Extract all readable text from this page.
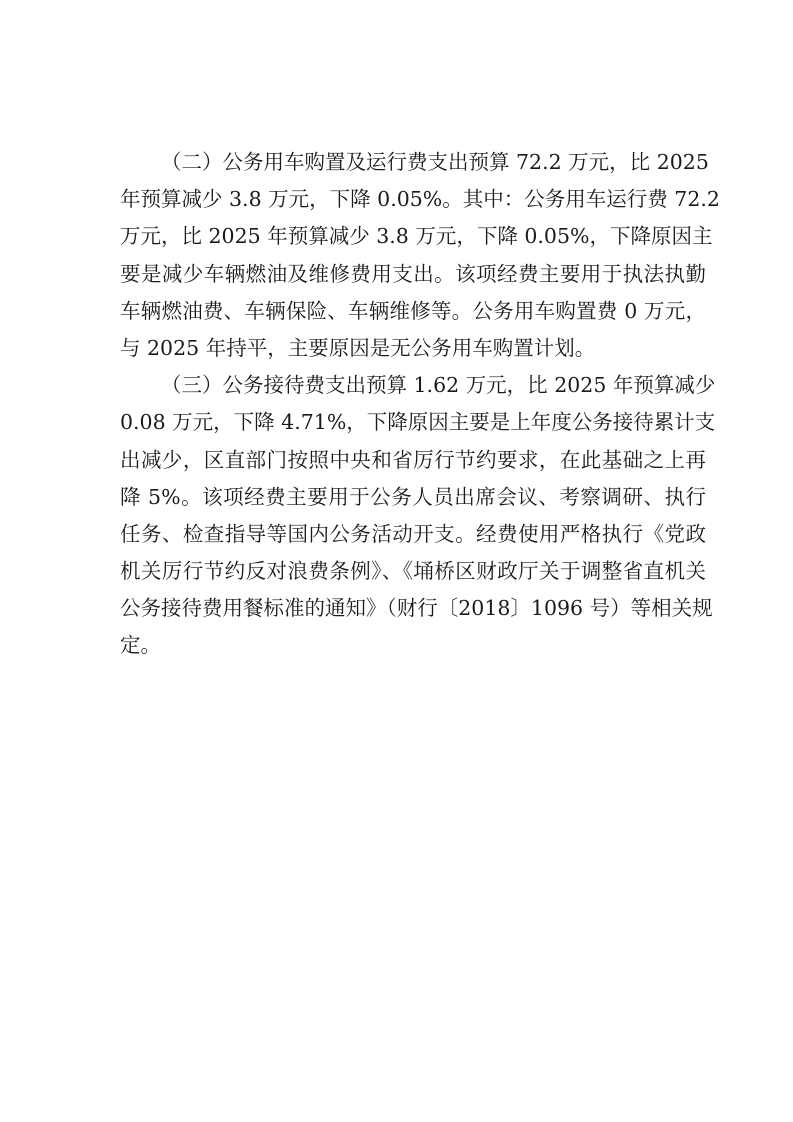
（二）公务用车购置及运行费支出预算 72.2 万元，比 2025
年预算减少 3.8 万元，下降 0.05%。其中：公务用车运行费 72.2
万元，比 2025 年预算减少 3.8 万元，下降 0.05%，下降原因主
要是减少车辆燃油及维修费用支出。该项经费主要用于执法执勤
车辆燃油费、车辆保险、车辆维修等。公务用车购置费 0 万元，
与 2025 年持平，主要原因是无公务用车购置计划。

（三）公务接待费支出预算 1.62 万元，比 2025 年预算减少
0.08 万元，下降 4.71%，下降原因主要是上年度公务接待累计支
出减少，区直部门按照中央和省厉行节约要求，在此基础之上再
降 5%。该项经费主要用于公务人员出席会议、考察调研、执行
任务、检查指导等国内公务活动开支。经费使用严格执行《党政
机关厉行节约反对浪费条例》、《埇桥区财政厅关于调整省直机关
公务接待费用餐标准的通知》（财行〔2018〕1096 号）等相关规
定。
